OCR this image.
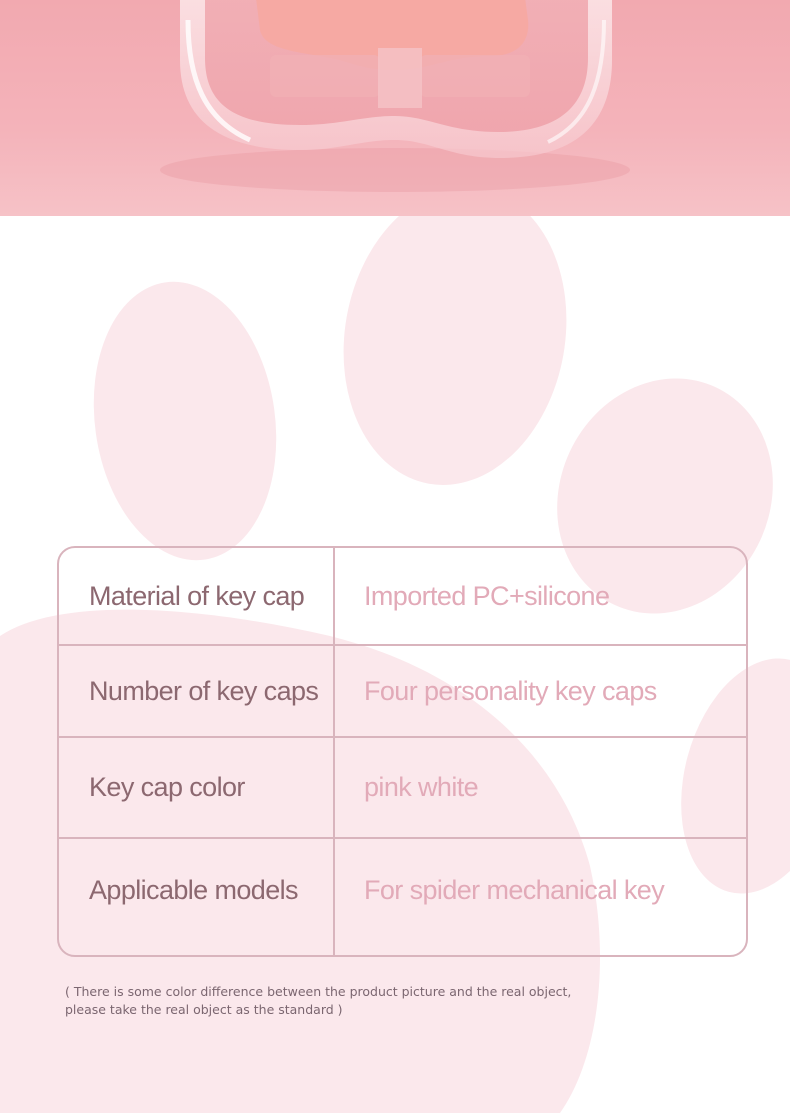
Material of key cap Imported PC+silicone
Number of key caps Four personality key caps
Key cap color	pink white
Applicable models For spider mechanical key
( There is some color difference between the product picture and the real object,
please take the real object as the standard )
